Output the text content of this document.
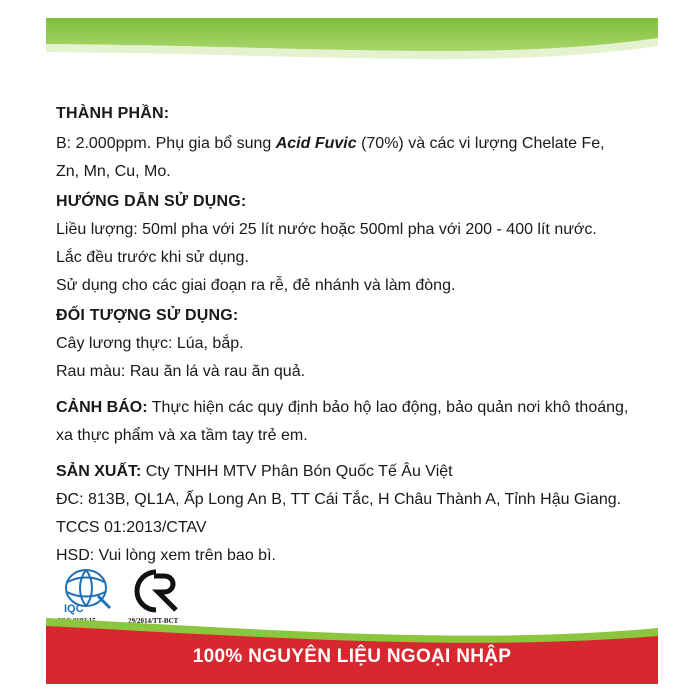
THÀNH PHẦN:

B: 2.000ppm. Phụ gia bổ sung Acid Fuvic (70%) và các vi lượng Chelate Fe,

Zn, Mn, Cu, Mo.

HƯỚNG DẪN SỬ DỤNG:

Liều lượng: 50ml pha với 25 lít nước hoặc 500ml pha với 200 - 400 lít nước.

Lắc đều trước khi sử dụng.

Sử dụng cho các giai đoạn ra rễ, đẻ nhánh và làm đòng.

ĐỐI TƯỢNG SỬ DỤNG:

Cây lương thực: Lúa, bắp.

Rau màu: Rau ăn lá và rau ăn quả.

CẢNH BÁO: Thực hiện các quy định bảo hộ lao động, bảo quản nơi khô thoáng, xa thực phẩm và xa tầm tay trẻ em.

SẢN XUẤT: Cty TNHH MTV Phân Bón Quốc Tế Âu Việt

ĐC: 813B, QL1A, Ấp Long An B, TT Cái Tắc, H Châu Thành A, Tỉnh Hậu Giang.

TCCS 01:2013/CTAV

HSD: Vui lòng xem trên bao bì.

IQC
29/2014/TT-BCT
100% NGUYÊN LIỆU NGOẠI NHẬP
